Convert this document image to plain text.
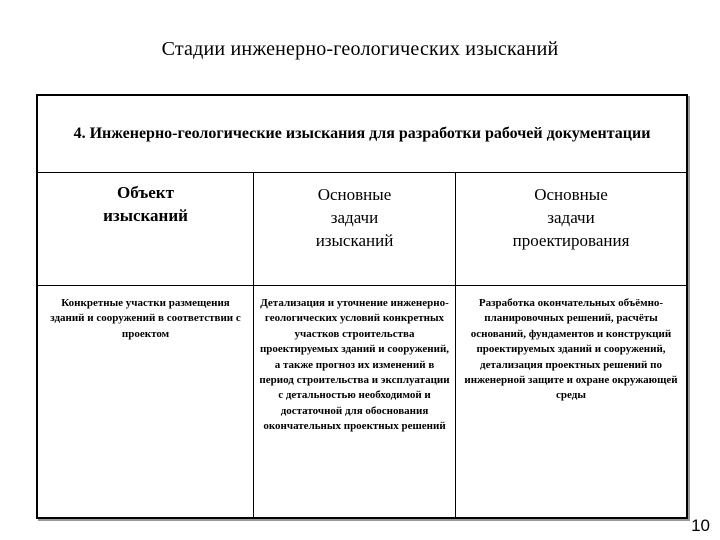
Стадии инженерно-геологических изысканий
4. Инженерно-геологические изыскания для разработки рабочей документации
Объект
изысканий
Конкретные участки размещения зданий и сооружений в соответствии с проектом
Основные
задачи
изысканий
Детализация и уточнение инженерно-геологических условий конкретных участков строительства проектируемых зданий и сооружений, а также прогноз их изменений в период строительства и эксплуатации с детальностью необходимой и достаточной для обоснования окончательных проектных решений
Основные
задачи
проектирования
Разработка окончательных объёмно-планировочных решений, расчёты оснований, фундаментов и конструкций проектируемых зданий и сооружений, детализация проектных решений по инженерной защите и охране окружающей среды
10
